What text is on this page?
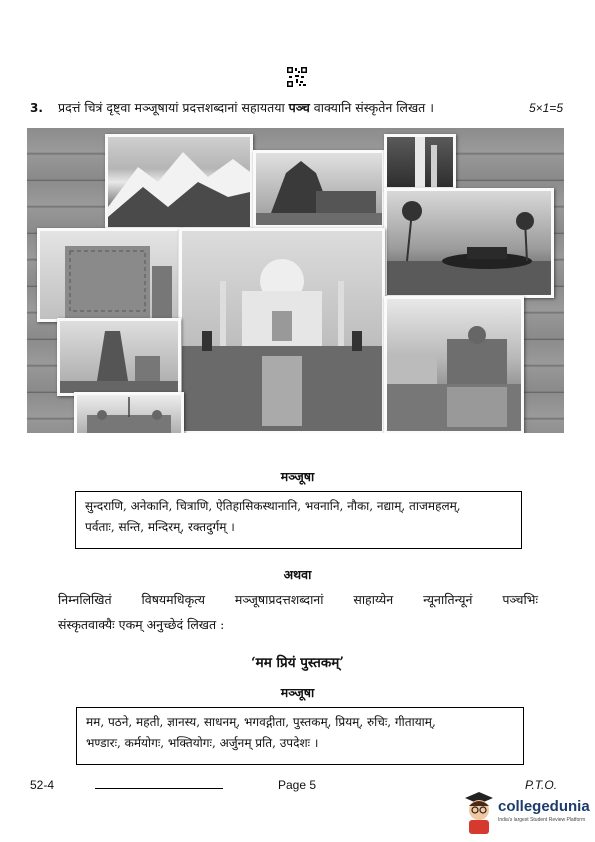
3. प्रदत्तं चित्रं दृष्ट्वा मञ्जूषायां प्रदत्तशब्दानां सहायतया पञ्च वाक्यानि संस्कृतेन लिखत ।	5×1=5
मञ्जूषा
सुन्दराणि, अनेकानि, चित्राणि, ऐतिहासिकस्थानानि, भवनानि, नौका, नद्याम्, ताजमहलम्,
पर्वताः, सन्ति, मन्दिरम्, रक्तदुर्गम् ।
अथवा
निम्नलिखितं विषयमधिकृत्य मञ्जूषाप्रदत्तशब्दानां साहाय्येन न्यूनातिन्यूनं पञ्चभिः
संस्कृतवाक्यैः एकम् अनुच्छेदं लिखत :
‘मम प्रियं पुस्तकम्’
मञ्जूषा
मम, पठने, महती, ज्ञानस्य, साधनम्, भगवद्गीता, पुस्तकम्, प्रियम्, रुचिः, गीतायाम्,
भण्डारः, कर्मयोगः, भक्तियोगः, अर्जुनम् प्रति, उपदेशः ।
52-4	Page 5	P.T.O.
collegedunia
India's largest Student Review Platform
